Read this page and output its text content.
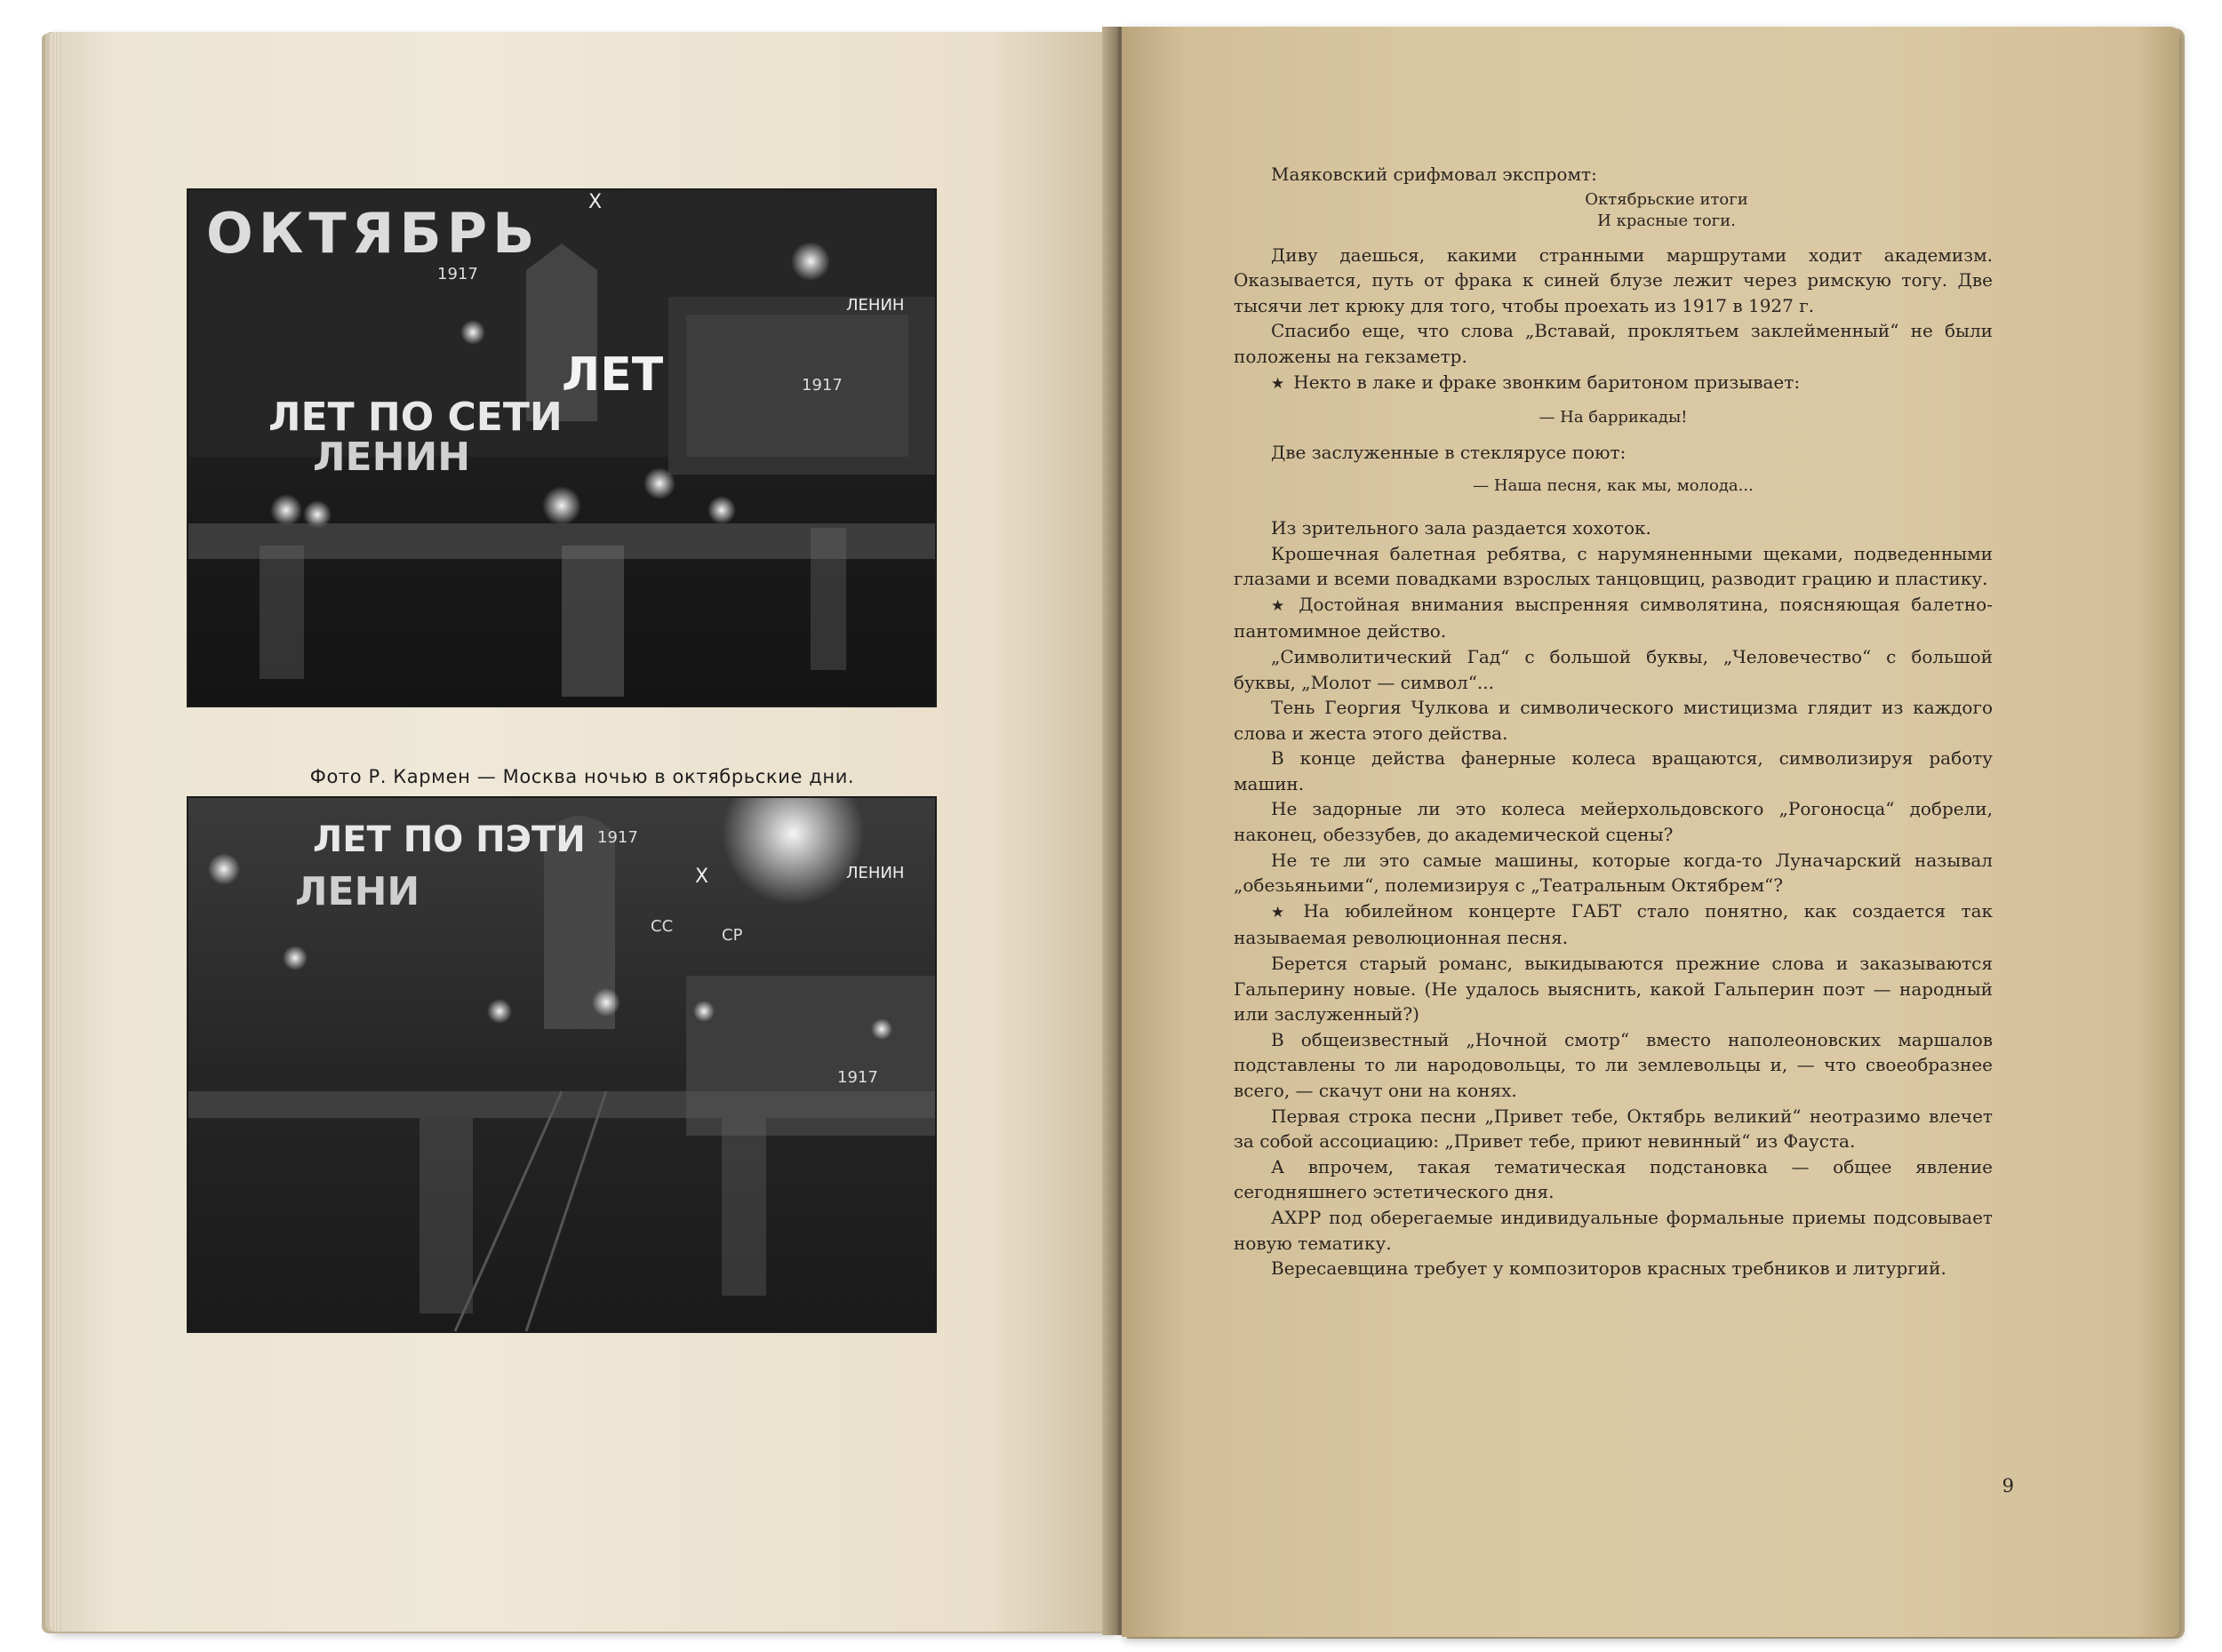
ОКТЯБРЬ Х
1917
ЛЕТ ПО СЕТИ
ЛЕНИН
ЛЕНИН
ЛЕТ	1917
Фото Р. Кармен — Москва ночью в октябрьские дни.
ЛЕТ ПО ПЭТИ
ЛЕНИ
1917
Х	ЛЕНИН
СС	СР
1917

Маяковский срифмовал экспромт:

Октябрьские итоги
И красные тоги.

Диву даешься, какими странными маршрутами ходит академизм. Оказывается, путь от фрака к синей блузе лежит через римскую тогу. Две тысячи лет крюку для того, чтобы проехать из 1917 в 1927 г.

Спасибо еще, что слова „Вставай, проклятьем заклейменный“ не были положены на гекзаметр.

★ Некто в лаке и фраке звонким баритоном призывает:

— На баррикады!

Две заслуженные в стеклярусе поют:

— Наша песня, как мы, молода...

Из зрительного зала раздается хохоток.

Крошечная балетная ребятва, с нарумяненными щеками, подведенными глазами и всеми повадками взрослых танцовщиц, разводит грацию и пластику.

★ Достойная внимания выспренняя символятина, поясняющая балетно-пантомимное действо.

„Символитический Гад“ с большой буквы, „Человечество“ с большой буквы, „Молот — символ“...

Тень Георгия Чулкова и символического мистицизма глядит из каждого слова и жеста этого действа.

В конце действа фанерные колеса вращаются, символизируя работу машин.

Не задорные ли это колеса мейерхольдовского „Рогоносца“ добрели, наконец, обеззубев, до академической сцены?

Не те ли это самые машины, которые когда-то Луначарский называл „обезьяньими“, полемизируя с „Театральным Октябрем“?

★ На юбилейном концерте ГАБТ стало понятно, как создается так называемая революционная песня.

Берется старый романс, выкидываются прежние слова и заказываются Гальперину новые. (Не удалось выяснить, какой Гальперин поэт — народный или заслуженный?)

В общеизвестный „Ночной смотр“ вместо наполеоновских маршалов подставлены то ли народовольцы, то ли землевольцы и, — что своеобразнее всего, — скачут они на конях.

Первая строка песни „Привет тебе, Октябрь великий“ неотразимо влечет за собой ассоциацию: „Привет тебе, приют невинный“ из Фауста.

А впрочем, такая тематическая подстановка — общее явление сегодняшнего эстетического дня.

АХРР под оберегаемые индивидуальные формальные приемы подсовывает новую тематику.

Вересаевщина требует у композиторов красных требников и литургий.

9
